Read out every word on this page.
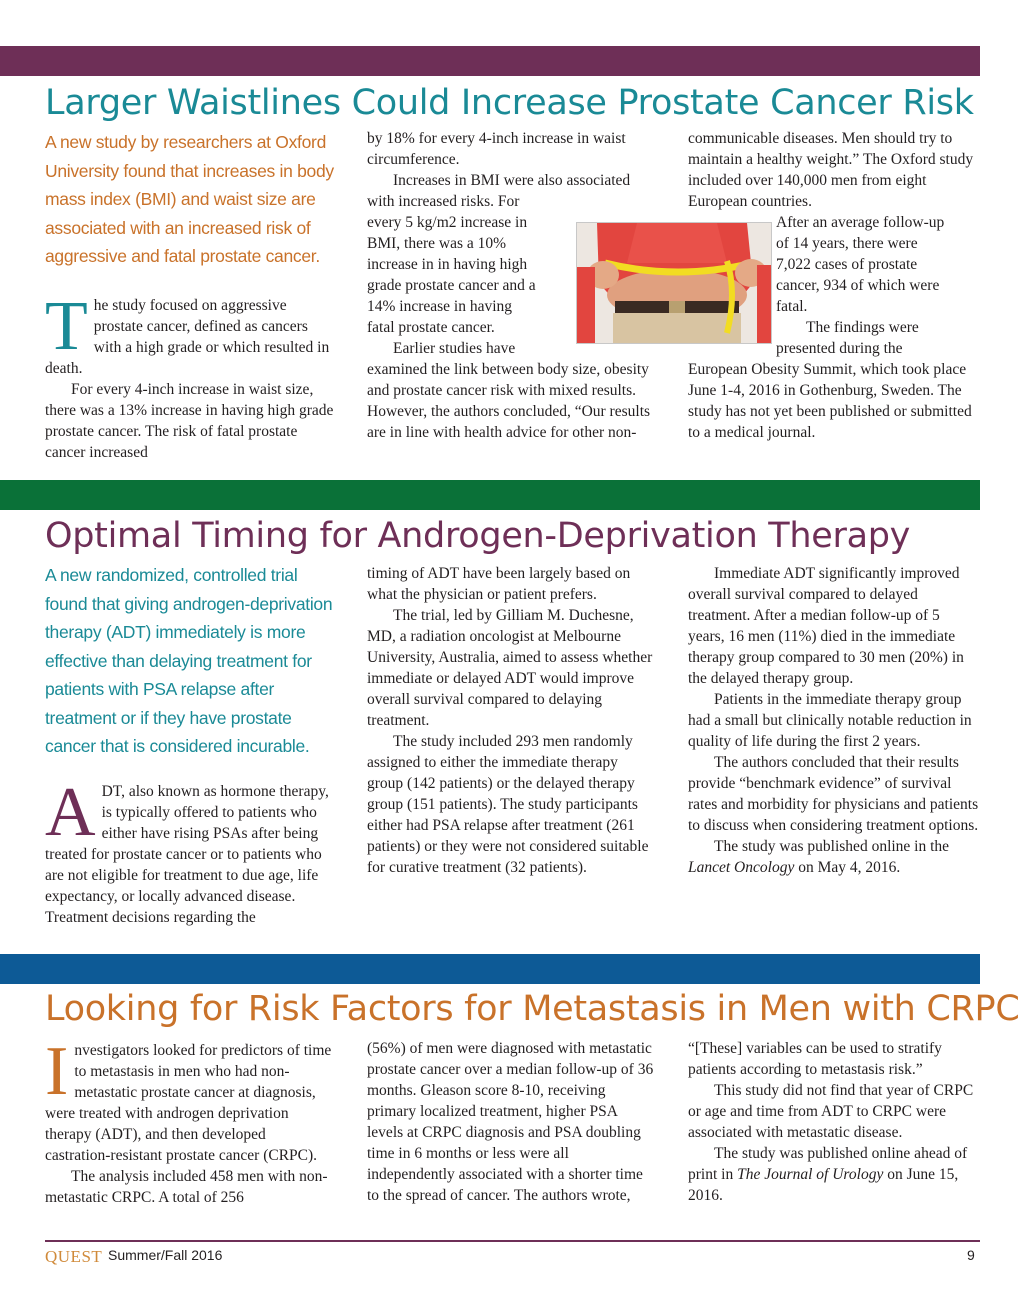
Larger Waistlines Could Increase Prostate Cancer Risk
A new study by researchers at Oxford University found that increases in body mass index (BMI) and waist size are associated with an increased risk of aggressive and fatal prostate cancer.
T he study focused on aggressive prostate cancer, defined as cancers with a high grade or which resulted in death.

For every 4-inch increase in waist size, there was a 13% increase in having high grade prostate cancer. The risk of fatal prostate cancer increased

by 18% for every 4-inch increase in waist circumference.

Increases in BMI were also associated with increased risks. For

every 5 kg/m2 increase in
BMI, there was a 10%
increase in in having high
grade prostate cancer and a
14% increase in having
fatal prostate cancer.
Earlier studies have

examined the link between body size, obesity and prostate cancer risk with mixed results. However, the authors concluded, “Our results are in line with health advice for other non-

communicable diseases. Men should try to maintain a healthy weight.” The Oxford study included over 140,000 men from eight European countries.

After an average follow-up
of 14 years, there were
7,022 cases of prostate
cancer, 934 of which were
fatal.
The findings were
presented during the

European Obesity Summit, which took place June 1-4, 2016 in Gothenburg, Sweden. The study has not yet been published or submitted to a medical journal.

Optimal Timing for Androgen-Deprivation Therapy
A new randomized, controlled trial found that giving androgen-deprivation therapy (ADT) immediately is more effective than delaying treatment for patients with PSA relapse after treatment or if they have prostate cancer that is considered incurable.
A DT, also known as hormone therapy, is typically offered to patients who either have rising PSAs after being treated for prostate cancer or to patients who are not eligible for treatment to due age, life expectancy, or locally advanced disease. Treatment decisions regarding the

timing of ADT have been largely based on what the physician or patient prefers.

The trial, led by Gilliam M. Duchesne, MD, a radiation oncologist at Melbourne University, Australia, aimed to assess whether immediate or delayed ADT would improve overall survival compared to delaying treatment.

The study included 293 men randomly assigned to either the immediate therapy group (142 patients) or the delayed therapy group (151 patients). The study participants either had PSA relapse after treatment (261 patients) or they were not considered suitable for curative treatment (32 patients).

Immediate ADT significantly improved overall survival compared to delayed treatment. After a median follow-up of 5 years, 16 men (11%) died in the immediate therapy group compared to 30 men (20%) in the delayed therapy group.

Patients in the immediate therapy group had a small but clinically notable reduction in quality of life during the first 2 years.

The authors concluded that their results provide “benchmark evidence” of survival rates and morbidity for physicians and patients to discuss when considering treatment options.

The study was published online in the Lancet Oncology on May 4, 2016.

Looking for Risk Factors for Metastasis in Men with CRPC
I nvestigators looked for predictors of time to metastasis in men who had non-metastatic prostate cancer at diagnosis, were treated with androgen deprivation therapy (ADT), and then developed castration-resistant prostate cancer (CRPC).

The analysis included 458 men with non-metastatic CRPC. A total of 256

(56%) of men were diagnosed with metastatic prostate cancer over a median follow-up of 36 months. Gleason score 8-10, receiving primary localized treatment, higher PSA levels at CRPC diagnosis and PSA doubling time in 6 months or less were all independently associated with a shorter time to the spread of cancer. The authors wrote,

“[These] variables can be used to stratify patients according to metastasis risk.”

This study did not find that year of CRPC or age and time from ADT to CRPC were associated with metastatic disease.

The study was published online ahead of print in The Journal of Urology on June 15, 2016.

QUEST Summer/Fall 2016	9
